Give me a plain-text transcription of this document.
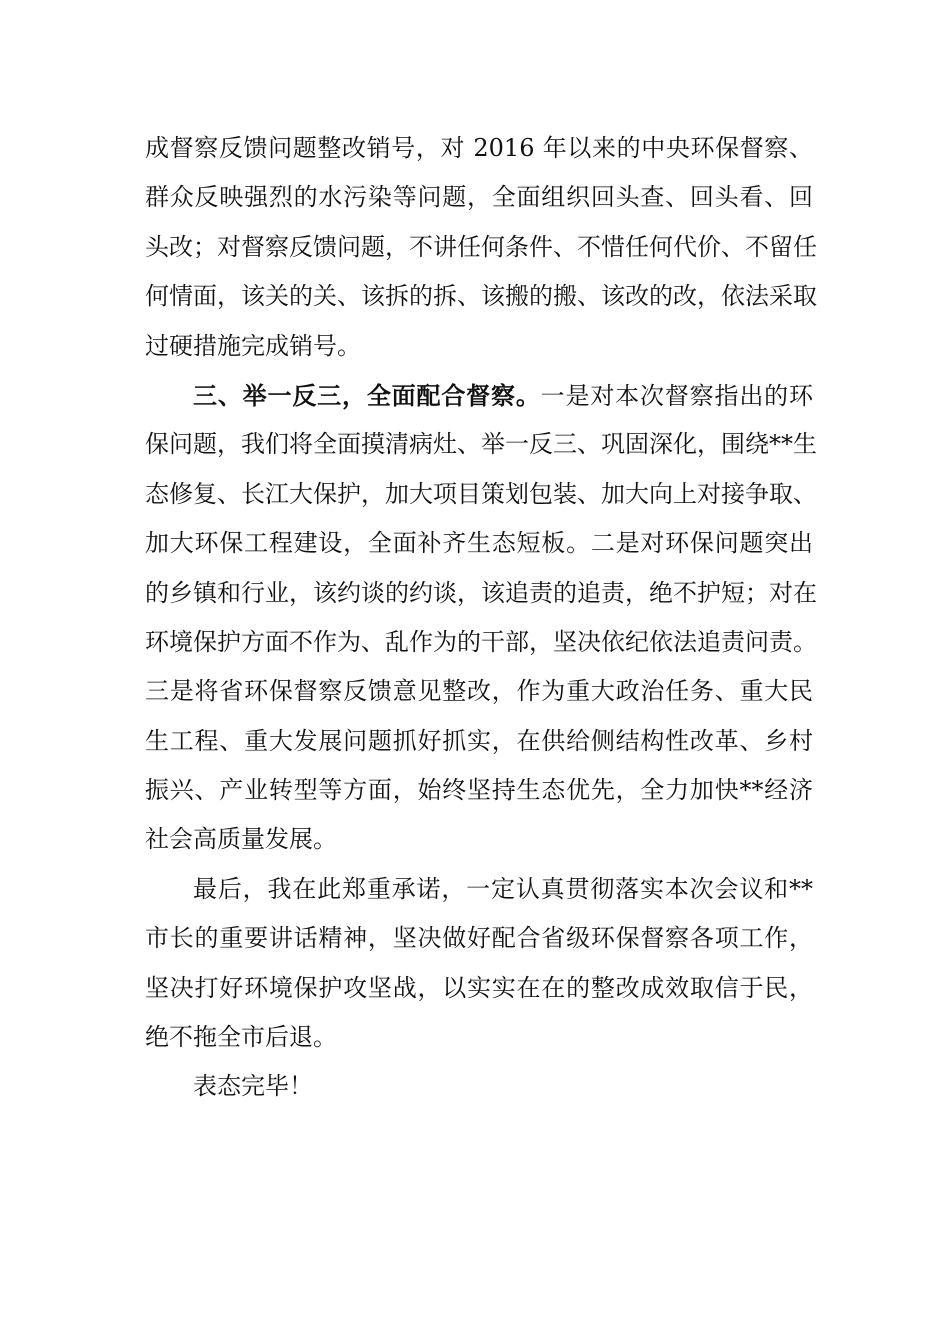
成督察反馈问题整改销号，对 2016 年以来的中央环保督察、
群众反映强烈的水污染等问题，全面组织回头查、回头看、回
头改；对督察反馈问题，不讲任何条件、不惜任何代价、不留任
何情面，该关的关、该拆的拆、该搬的搬、该改的改，依法采取
过硬措施完成销号。
三、举一反三，全面配合督察。一是对本次督察指出的环
保问题，我们将全面摸清病灶、举一反三、巩固深化，围绕**生
态修复、长江大保护，加大项目策划包装、加大向上对接争取、
加大环保工程建设，全面补齐生态短板。二是对环保问题突出
的乡镇和行业，该约谈的约谈，该追责的追责，绝不护短；对在
环境保护方面不作为、乱作为的干部，坚决依纪依法追责问责。
三是将省环保督察反馈意见整改，作为重大政治任务、重大民
生工程、重大发展问题抓好抓实，在供给侧结构性改革、乡村
振兴、产业转型等方面，始终坚持生态优先，全力加快**经济
社会高质量发展。
最后，我在此郑重承诺，一定认真贯彻落实本次会议和**
市长的重要讲话精神，坚决做好配合省级环保督察各项工作，
坚决打好环境保护攻坚战，以实实在在的整改成效取信于民，
绝不拖全市后退。
表态完毕！
